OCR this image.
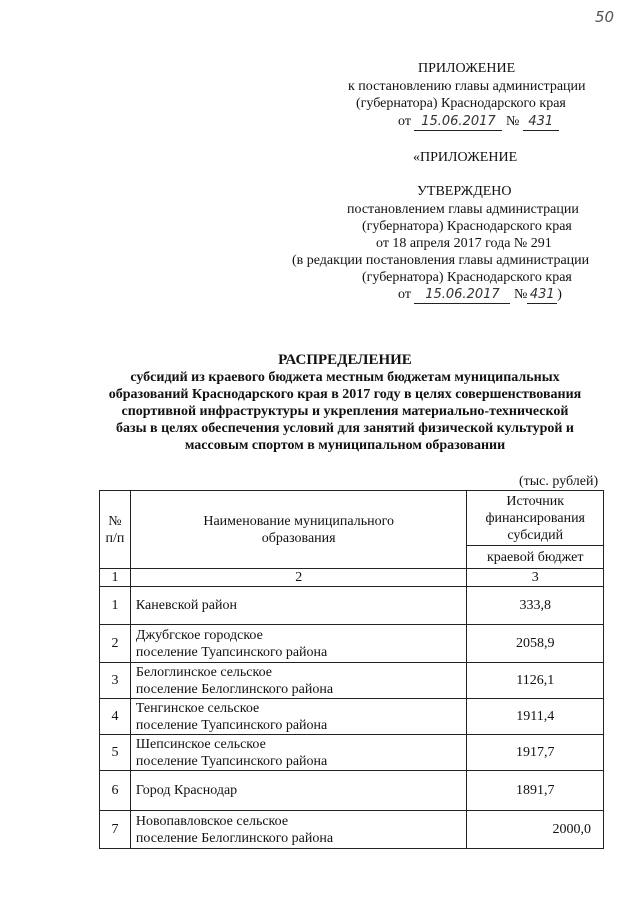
50
ПРИЛОЖЕНИЕ
к постановлению главы администрации
(губернатора) Краснодарского края
от 15.06.2017 № 431
«ПРИЛОЖЕНИЕ
УТВЕРЖДЕНО
постановлением главы администрации
(губернатора) Краснодарского края
от 18 апреля 2017 года № 291
(в редакции постановления главы администрации
(губернатора) Краснодарского края
от 15.06.2017 № 431 )
РАСПРЕДЕЛЕНИЕ
субсидий из краевого бюджета местным бюджетам муниципальных
образований Краснодарского края в 2017 году в целях совершенствования
спортивной инфраструктуры и укрепления материально-технической
базы в целях обеспечения условий для занятий физической культурой и
массовым спортом в муниципальном образовании
(тыс. рублей)
№ п/п	Наименование муниципального образования	Источник финансирования субсидий
		краевой бюджет
1	2	3
1	Каневской район	333,8
2	Джубгское городское
поселение Туапсинского района	2058,9
3	Белоглинское сельское
поселение Белоглинского района	1126,1
4	Тенгинское сельское
поселение Туапсинского района	1911,4
5	Шепсинское сельское
поселение Туапсинского района	1917,7
6	Город Краснодар	1891,7
7	Новопавловское сельское
поселение Белоглинского района	2000,0
